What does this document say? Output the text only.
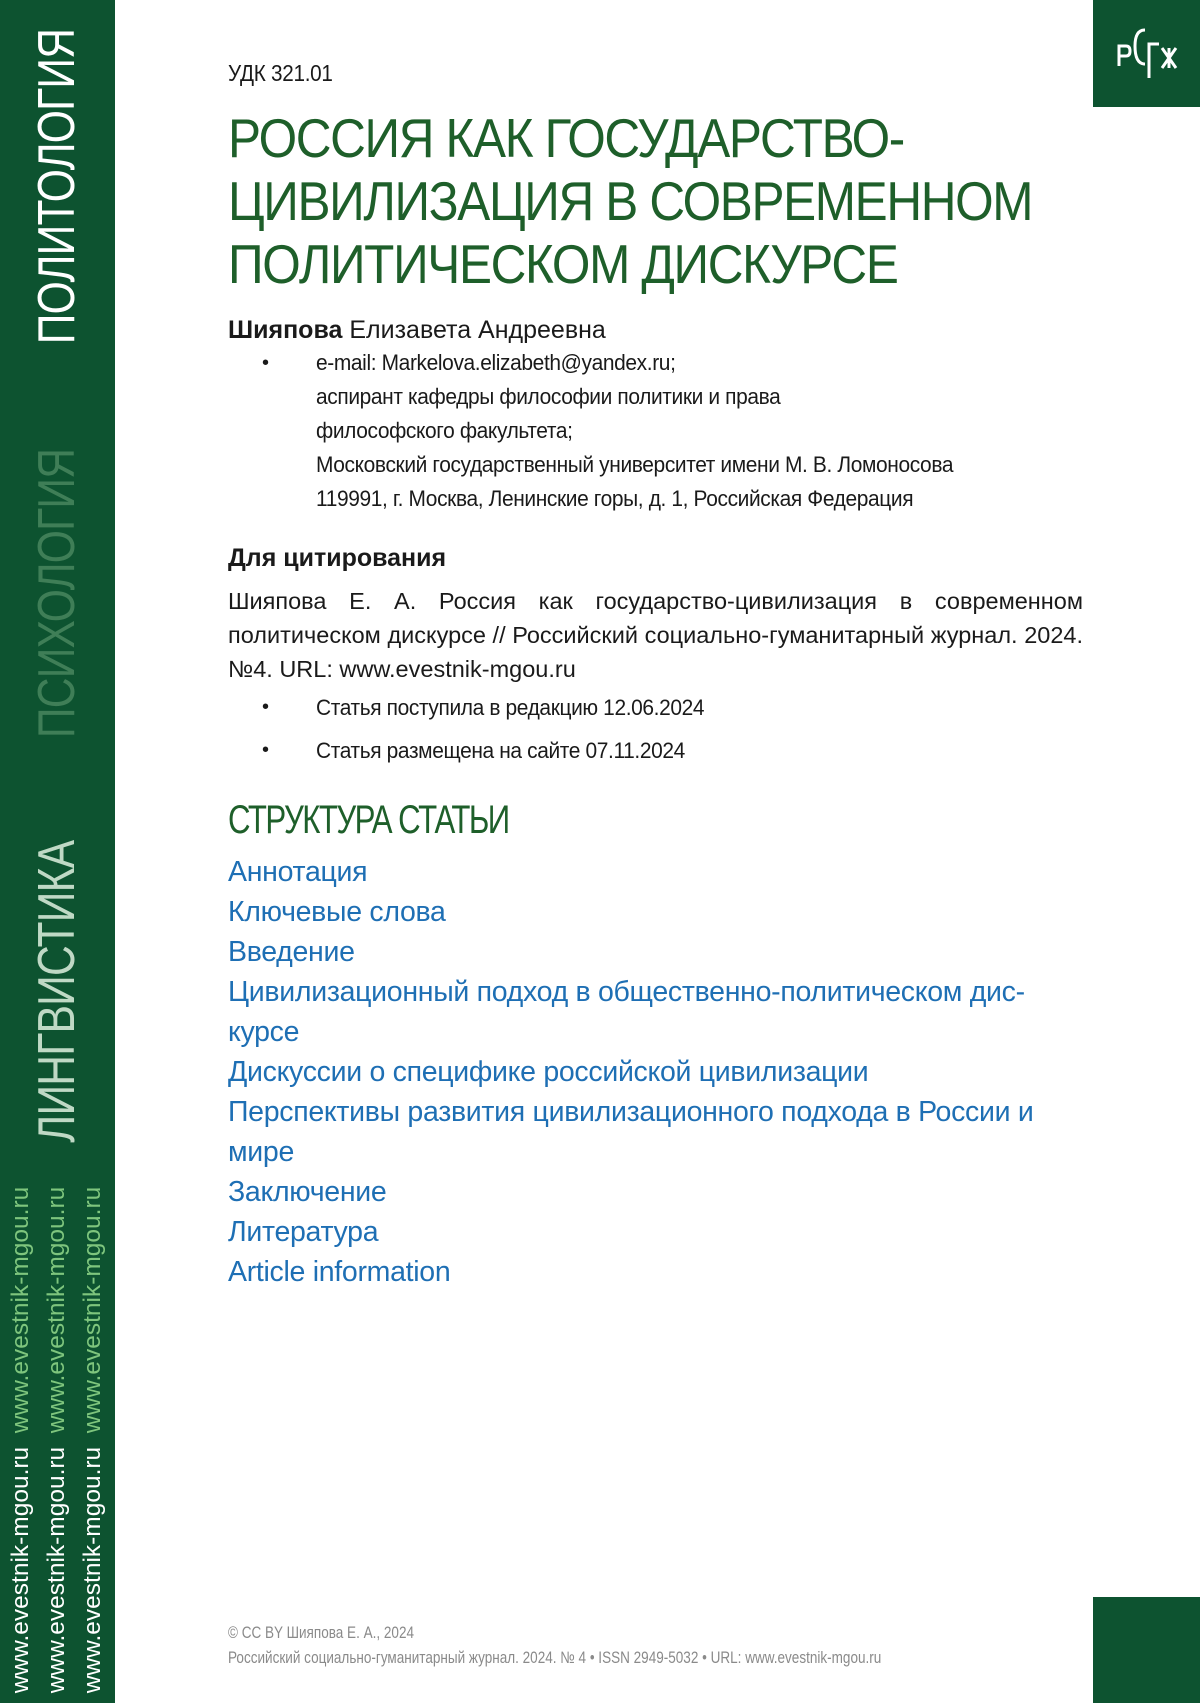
ЛИНГВИСТИКАПСИХОЛОГИЯПОЛИТОЛОГИЯ
www.evestnik-mgou.ru  www.evestnik-mgou.ru
www.evestnik-mgou.ru  www.evestnik-mgou.ru
www.evestnik-mgou.ru  www.evestnik-mgou.ru

УДК 321.01

РОССИЯ КАК ГОСУДАРСТВО-
ЦИВИЛИЗАЦИЯ В СОВРЕМЕННОМ
ПОЛИТИЧЕСКОМ ДИСКУРСЕ
Шияпова Елизавета Андреевна
• e-mail: Markelova.elizabeth@yandex.ru;
аспирант кафедры философии политики и права
философского факультета;
Московский государственный университет имени М. В. Ломоносова
119991, г. Москва, Ленинские горы, д. 1, Российская Федерация
Для цитирования
Шияпова Е. А. Россия как государство-цивилизация в современном политическом дискурсе // Российский социально-гуманитарный журнал. 2024. №4. URL: www.evestnik-mgou.ru
• Статья поступила в редакцию 12.06.2024
• Статья размещена на сайте 07.11.2024
СТРУКТУРА СТАТЬИ
Аннотация
Ключевые слова
Введение
Цивилизационный подход в общественно-политическом дис-
курсе
Дискуссии о специфике российской цивилизации
Перспективы развития цивилизационного подхода в России и
мире
Заключение
Литература
Article information
© CC BY Шияпова Е. А., 2024
Российский социально-гуманитарный журнал. 2024. № 4 • ISSN 2949-5032 • URL: www.evestnik-mgou.ru
